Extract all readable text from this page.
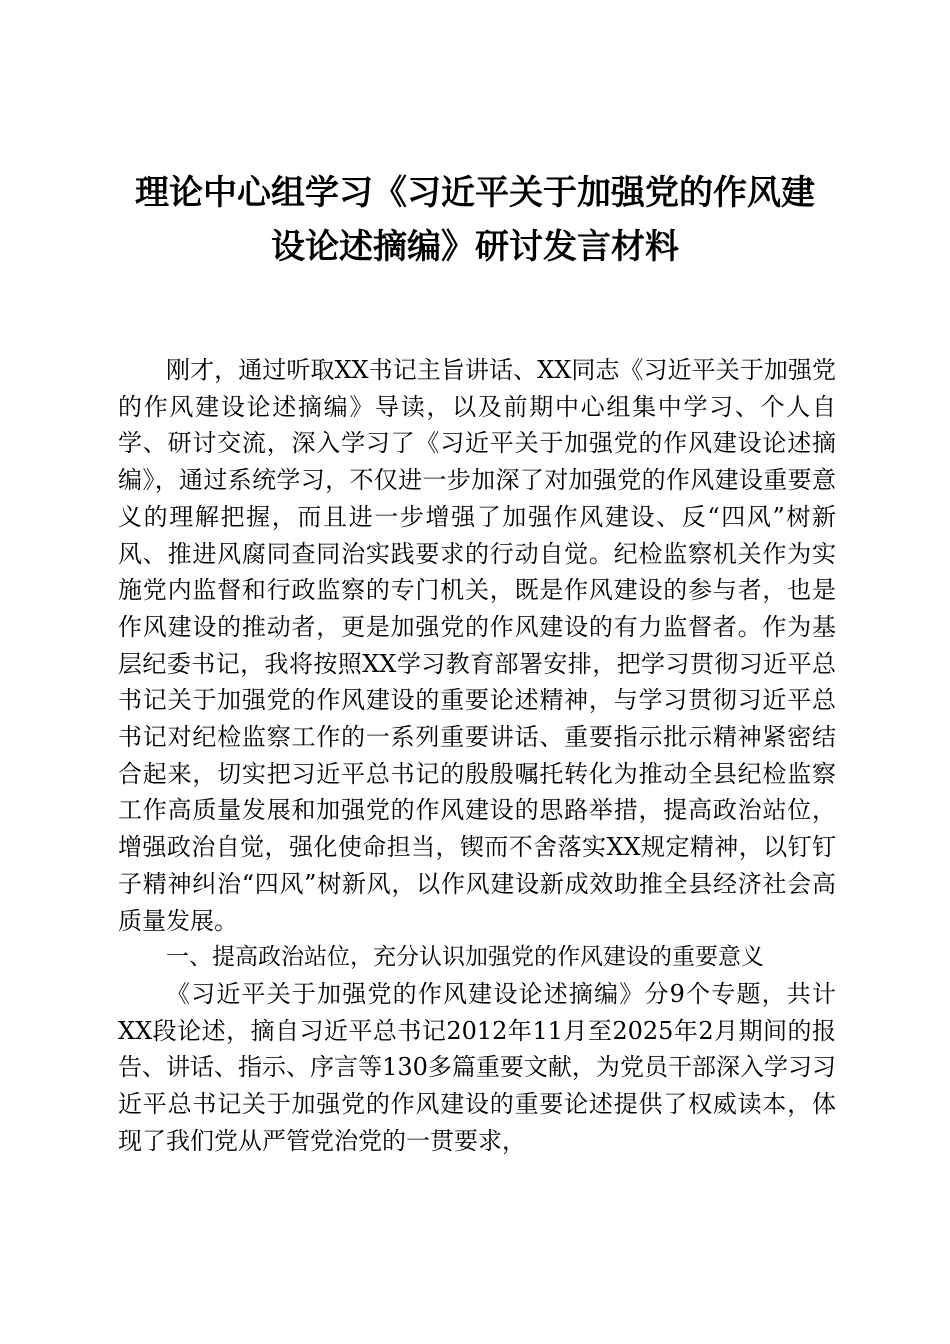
理论中心组学习《习近平关于加强党的作风建
设论述摘编》研讨发言材料

刚才，通过听取XX书记主旨讲话、XX同志《习近平关于加强党的作风建设论述摘编》导读，以及前期中心组集中学习、个人自学、研讨交流，深入学习了《习近平关于加强党的作风建设论述摘编》，通过系统学习，不仅进一步加深了对加强党的作风建设重要意义的理解把握，而且进一步增强了加强作风建设、反“四风”树新风、推进风腐同查同治实践要求的行动自觉。纪检监察机关作为实施党内监督和行政监察的专门机关，既是作风建设的参与者，也是作风建设的推动者，更是加强党的作风建设的有力监督者。作为基层纪委书记，我将按照XX学习教育部署安排，把学习贯彻习近平总书记关于加强党的作风建设的重要论述精神，与学习贯彻习近平总书记对纪检监察工作的一系列重要讲话、重要指示批示精神紧密结合起来，切实把习近平总书记的殷殷嘱托转化为推动全县纪检监察工作高质量发展和加强党的作风建设的思路举措，提高政治站位，增强政治自觉，强化使命担当，锲而不舍落实XX规定精神，以钉钉子精神纠治“四风”树新风，以作风建设新成效助推全县经济社会高质量发展。

一、提高政治站位，充分认识加强党的作风建设的重要意义

《习近平关于加强党的作风建设论述摘编》分9个专题，共计XX段论述，摘自习近平总书记2012年11月至2025年2月期间的报告、讲话、指示、序言等130多篇重要文献，为党员干部深入学习习近平总书记关于加强党的作风建设的重要论述提供了权威读本，体现了我们党从严管党治党的一贯要求，
